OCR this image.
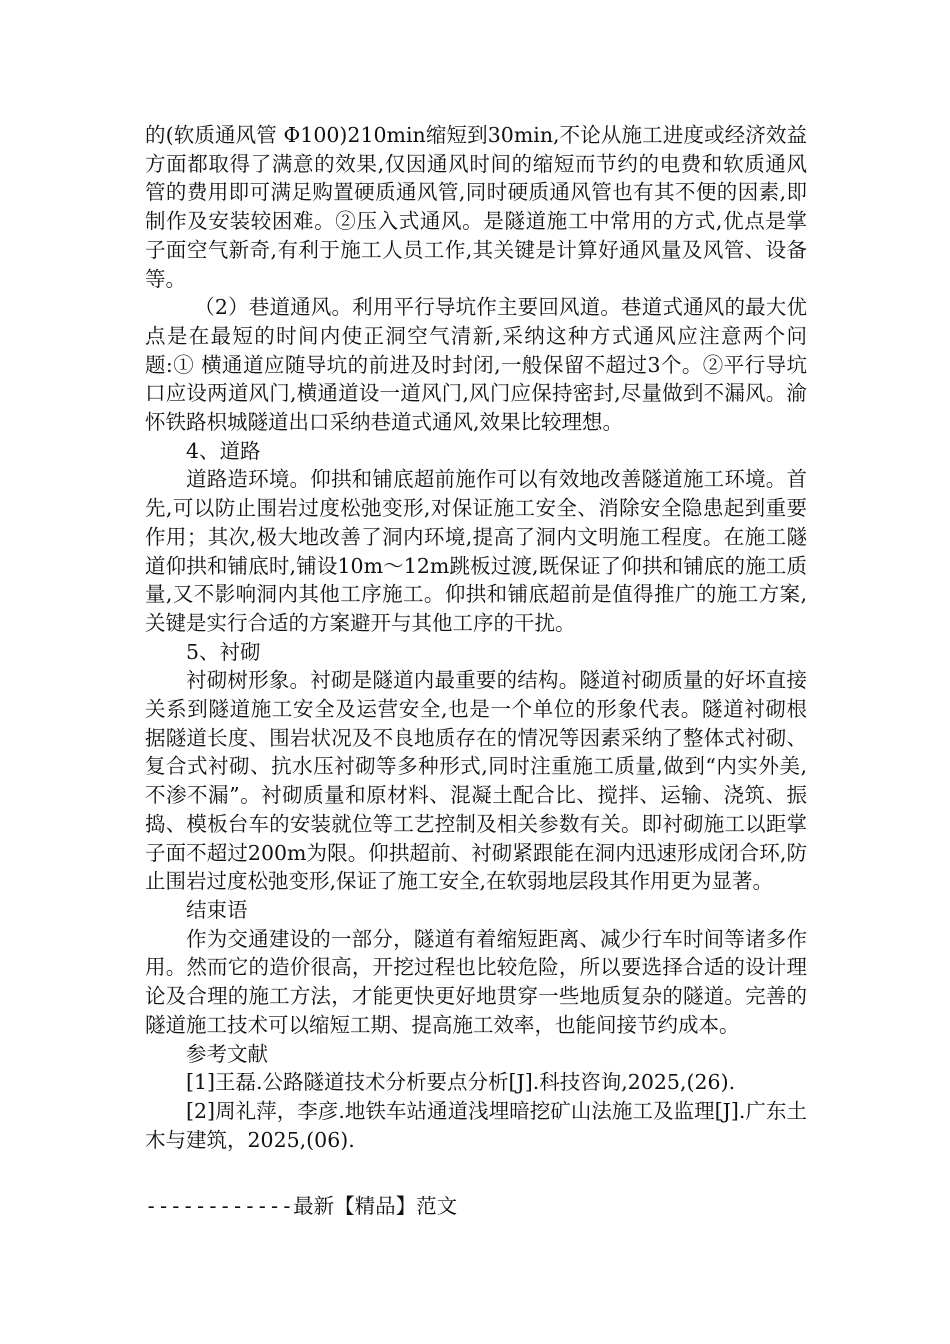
的(软质通风管 Φ100)210min缩短到30min,不论从施工进度或经济效益方面都取得了满意的效果,仅因通风时间的缩短而节约的电费和软质通风管的费用即可满足购置硬质通风管,同时硬质通风管也有其不便的因素,即制作及安装较困难。②压入式通风。是隧道施工中常用的方式,优点是掌子面空气新奇,有利于施工人员工作,其关键是计算好通风量及风管、设备等。

（2）巷道通风。利用平行导坑作主要回风道。巷道式通风的最大优点是在最短的时间内使正洞空气清新,采纳这种方式通风应注意两个问题:① 横通道应随导坑的前进及时封闭,一般保留不超过3个。②平行导坑口应设两道风门,横通道设一道风门,风门应保持密封,尽量做到不漏风。渝怀铁路枳城隧道出口采纳巷道式通风,效果比较理想。

4、道路

道路造环境。仰拱和铺底超前施作可以有效地改善隧道施工环境。首先,可以防止围岩过度松弛变形,对保证施工安全、消除安全隐患起到重要作用；其次,极大地改善了洞内环境,提高了洞内文明施工程度。在施工隧道仰拱和铺底时,铺设10m～12m跳板过渡,既保证了仰拱和铺底的施工质量,又不影响洞内其他工序施工。仰拱和铺底超前是值得推广的施工方案,关键是实行合适的方案避开与其他工序的干扰。

5、衬砌

衬砌树形象。衬砌是隧道内最重要的结构。隧道衬砌质量的好坏直接关系到隧道施工安全及运营安全,也是一个单位的形象代表。隧道衬砌根据隧道长度、围岩状况及不良地质存在的情况等因素采纳了整体式衬砌、复合式衬砌、抗水压衬砌等多种形式,同时注重施工质量,做到“内实外美,不渗不漏”。衬砌质量和原材料、混凝土配合比、搅拌、运输、浇筑、振捣、模板台车的安装就位等工艺控制及相关参数有关。即衬砌施工以距掌子面不超过200m为限。仰拱超前、衬砌紧跟能在洞内迅速形成闭合环,防止围岩过度松弛变形,保证了施工安全,在软弱地层段其作用更为显著。

结束语

作为交通建设的一部分，隧道有着缩短距离、减少行车时间等诸多作用。然而它的造价很高，开挖过程也比较危险，所以要选择合适的设计理论及合理的施工方法，才能更快更好地贯穿一些地质复杂的隧道。完善的隧道施工技术可以缩短工期、提高施工效率，也能间接节约成本。

参考文献

[1]王磊.公路隧道技术分析要点分析[J].科技咨询,2025,(26).

[2]周礼萍，李彦.地铁车站通道浅埋暗挖矿山法施工及监理[J].广东土木与建筑，2025,(06).

------------最新【精品】范文
